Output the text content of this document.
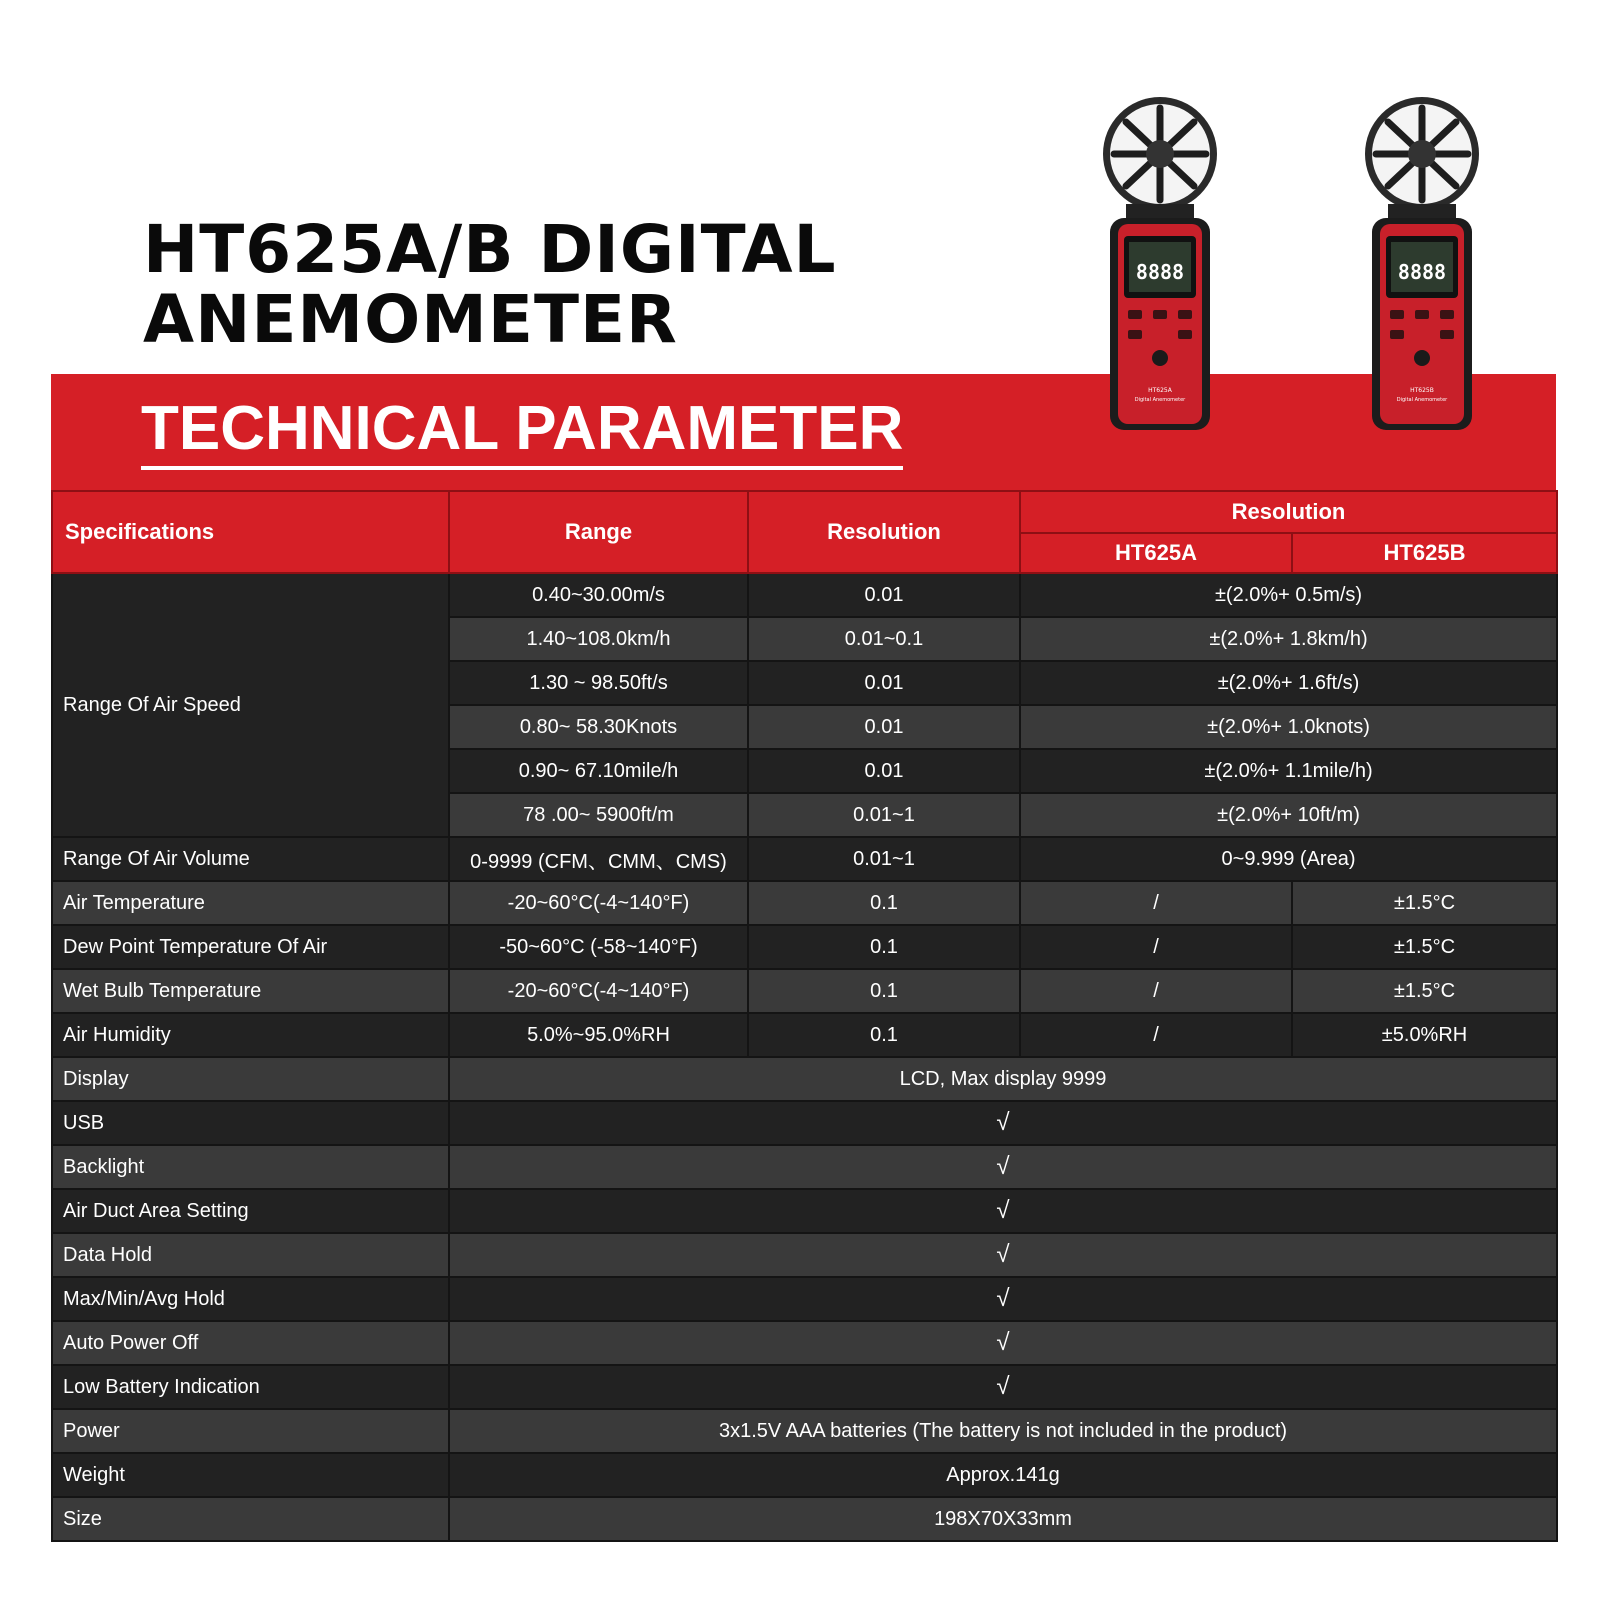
HT625A/B DIGITAL
ANEMOMETER
TECHNICAL PARAMETER
8888
HT625A
Digital Anemometer
8888
HT625B
Digital Anemometer
Specifications	Range	Resolution	Resolution	
			HT625A	HT625B
Range Of Air Speed	0.40~30.00m/s	0.01	±(2.0%+ 0.5m/s)	
	1.40~108.0km/h	0.01~0.1	±(2.0%+ 1.8km/h)	
	1.30 ~ 98.50ft/s	0.01	±(2.0%+ 1.6ft/s)	
	0.80~ 58.30Knots	0.01	±(2.0%+ 1.0knots)	
	0.90~ 67.10mile/h	0.01	±(2.0%+ 1.1mile/h)	
	78 .00~ 5900ft/m	0.01~1	±(2.0%+ 10ft/m)	
Range Of Air Volume	0-9999 (CFM、CMM、CMS)	0.01~1	0~9.999 (Area)	
Air Temperature	-20~60°C(-4~140°F)	0.1	/	±1.5°C
Dew Point Temperature Of Air	-50~60°C (-58~140°F)	0.1	/	±1.5°C
Wet Bulb Temperature	-20~60°C(-4~140°F)	0.1	/	±1.5°C
Air Humidity	5.0%~95.0%RH	0.1	/	±5.0%RH
Display	LCD, Max display 9999			
USB	√			
Backlight	√			
Air Duct Area Setting	√			
Data Hold	√			
Max/Min/Avg Hold	√			
Auto Power Off	√			
Low Battery Indication	√			
Power	3x1.5V AAA batteries (The battery is not included in the product)			
Weight	Approx.141g			
Size	198X70X33mm			
